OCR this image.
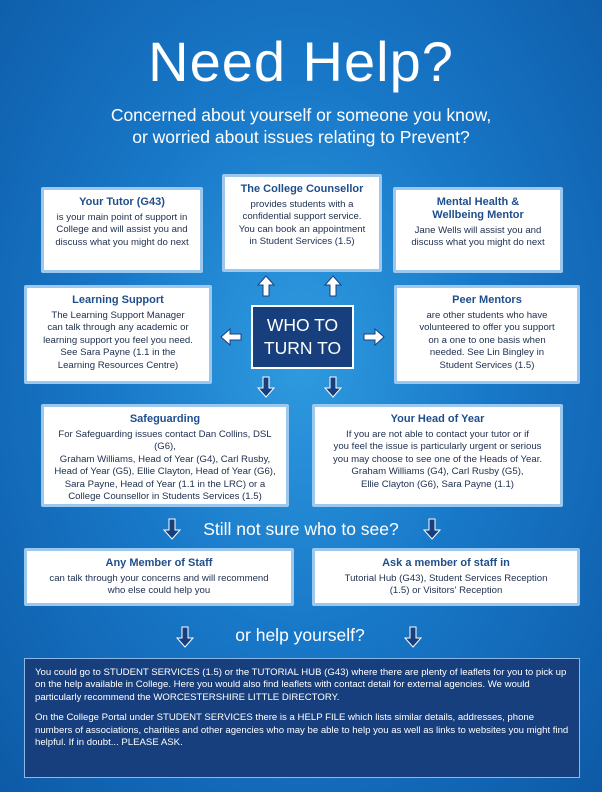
Need Help?
Concerned about yourself or someone you know,
or worried about issues relating to Prevent?
Your Tutor (G43)
is your main point of support in
College and will assist you and
discuss what you might do next
The College Counsellor
provides students with a
confidential support service.
You can book an appointment
in Student Services (1.5)
Mental Health &
Wellbeing Mentor
Jane Wells will assist you and
discuss what you might do next
Learning Support
The Learning Support Manager
can talk through any academic or
learning support you feel you need.
See Sara Payne (1.1 in the
Learning Resources Centre)
WHO TO
TURN TO
Peer Mentors
are other students who have
volunteered to offer you support
on a one to one basis when
needed. See Lin Bingley in
Student Services (1.5)
Safeguarding
For Safeguarding issues contact Dan Collins, DSL (G6),
Graham Williams, Head of Year (G4), Carl Rusby,
Head of Year (G5), Ellie Clayton, Head of Year (G6),
Sara Payne, Head of Year (1.1 in the LRC) or a
College Counsellor in Students Services (1.5)
Your Head of Year
If you are not able to contact your tutor or if
you feel the issue is particularly urgent or serious
you may choose to see one of the Heads of Year.
Graham Williams (G4), Carl Rusby (G5),
Ellie Clayton (G6), Sara Payne (1.1)
Still not sure who to see?
Any Member of Staff
can talk through your concerns and will recommend
who else could help you
Ask a member of staff in
Tutorial Hub (G43), Student Services Reception
(1.5) or Visitors' Reception
or help yourself?

You could go to STUDENT SERVICES (1.5) or the TUTORIAL HUB (G43) where there are plenty of leaflets for you to pick up on the help available in College. Here you would also find leaflets with contact detail for external agencies. We would particularly recommend the WORCESTERSHIRE LITTLE DIRECTORY.

On the College Portal under STUDENT SERVICES there is a HELP FILE which lists similar details, addresses, phone numbers of associations, charities and other agencies who may be able to help you as well as links to websites you might find helpful. If in doubt... PLEASE ASK.
